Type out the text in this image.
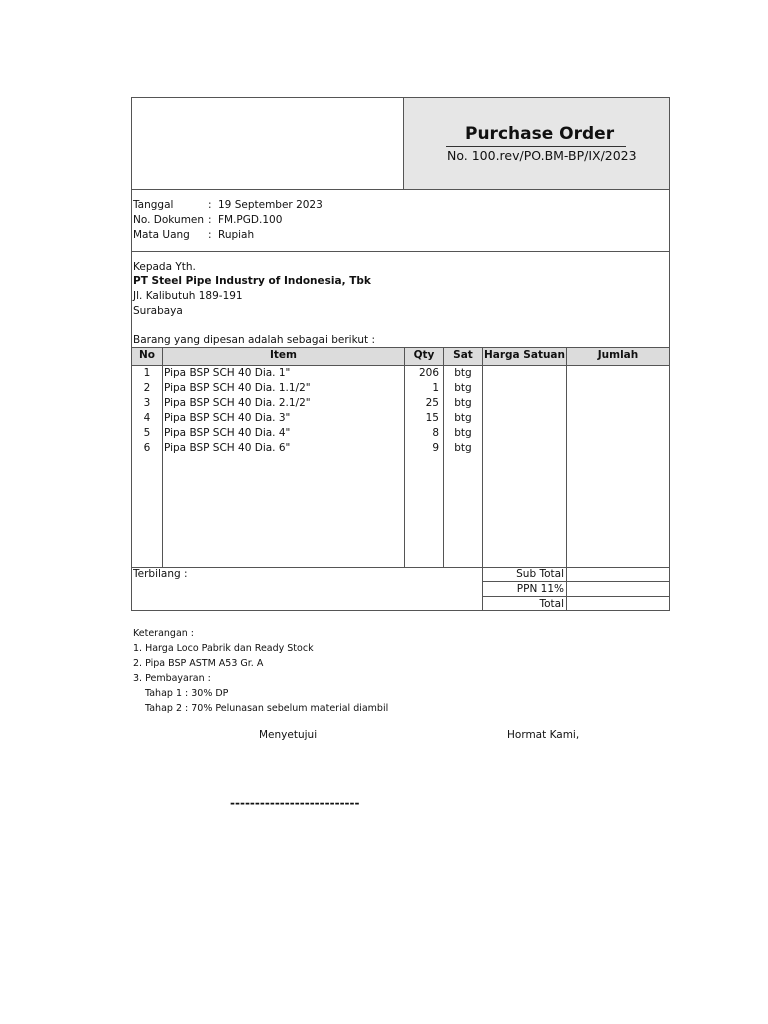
Purchase Order
No. 100.rev/PO.BM-BP/IX/2023
Tanggal	: 19 September 2023
No. Dokumen : FM.PGD.100
Mata Uang : Rupiah
Kepada Yth.
PT Steel Pipe Industry of Indonesia, Tbk
Jl. Kalibutuh 189-191
Surabaya
Barang yang dipesan adalah sebagai berikut :
No	Item	Qty	Sat	Harga Satuan	Jumlah
1	Pipa BSP SCH 40 Dia. 1"	206	btg
2	Pipa BSP SCH 40 Dia. 1.1/2"	1	btg
3	Pipa BSP SCH 40 Dia. 2.1/2"	25	btg
4	Pipa BSP SCH 40 Dia. 3"	15	btg
5	Pipa BSP SCH 40 Dia. 4"	8	btg
6	Pipa BSP SCH 40 Dia. 6"	9	btg
Terbilang :	Sub Total
PPN 11%
Total
Keterangan :
1. Harga Loco Pabrik dan Ready Stock
2. Pipa BSP ASTM A53 Gr. A
3. Pembayaran :
Tahap 1 : 30% DP
Tahap 2 : 70% Pelunasan sebelum material diambil
Menyetujui	Hormat Kami,
--------------------------
